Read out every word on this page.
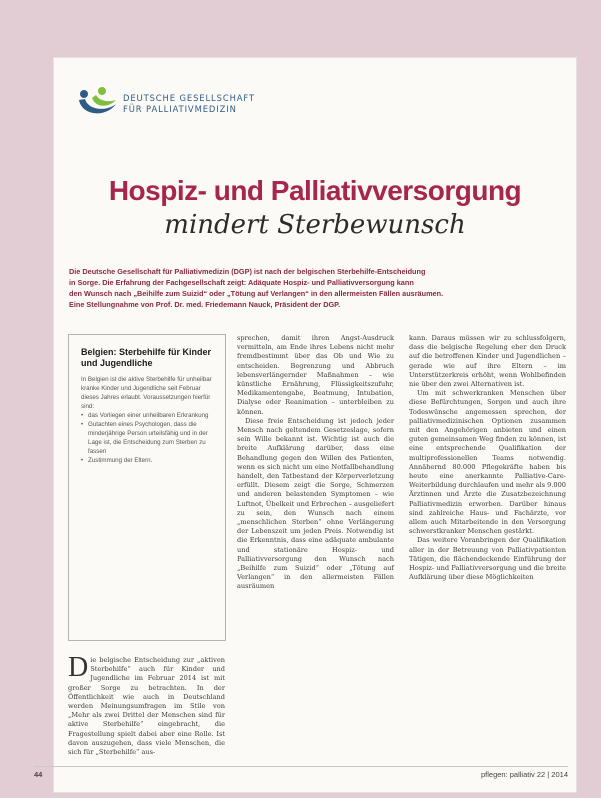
DEUTSCHE GESELLSCHAFT
FÜR PALLIATIVMEDIZIN
Hospiz- und Palliativversorgung
mindert Sterbewunsch

Die Deutsche Gesellschaft für Palliativmedizin (DGP) ist nach der belgischen Sterbehilfe-Entscheidung

in Sorge. Die Erfahrung der Fachgesellschaft zeigt: Adäquate Hospiz- und Palliativversorgung kann

den Wunsch nach „Beihilfe zum Suizid“ oder „Tötung auf Verlangen“ in den allermeisten Fällen ausräumen.

Eine Stellungnahme von Prof. Dr. med. Friedemann Nauck, Präsident der DGP.

Belgien: Sterbehilfe für Kinder und Jugendliche

In Belgien ist die aktive Sterbehilfe für unheilbar kranke Kinder und Jugendliche seit Februar dieses Jahres erlaubt. Voraussetzungen hierfür sind:

• das Vorliegen einer unheilbaren Erkrankung
• Gutachten eines Psychologen, dass die minderjährige Person urteilsfähig und in der Lage ist, die Entscheidung zum Sterben zu fassen
• Zustimmung der Eltern.
Die belgische Entscheidung zur „aktiven Sterbehilfe“ auch für Kinder und Jugendliche im Februar 2014 ist mit großer Sorge zu betrachten. In der Öffentlichkeit wie auch in Deutschland werden Meinungsumfragen im Stile von „Mehr als zwei Drittel der Menschen sind für aktive Sterbehilfe“ eingebracht, die Fragestellung spielt dabei aber eine Rolle. Ist davon auszugehen, dass viele Menschen, die sich für „Sterbehilfe“ aus-

sprechen, damit ihren Angst-Ausdruck vermitteln, am Ende ihres Lebens nicht mehr fremdbestimmt über das Ob und Wie zu entscheiden. Begrenzung und Abbruch lebensverlängernder Maßnahmen – wie künstliche Ernährung, Flüssigkeitszufuhr, Medikamentengabe, Beatmung, Intubation, Dialyse oder Reanimation – unterbleiben zu können.

Diese freie Entscheidung ist jedoch jeder Mensch nach geltendem Gesetzeslage, sofern sein Wille bekannt ist. Wichtig ist auch die breite Aufklärung darüber, dass eine Behandlung gegen den Willen des Patienten, wenn es sich nicht um eine Notfallbehandlung handelt, den Tatbestand der Körperverletzung erfüllt. Diesem zeigt die Sorge, Schmerzen und anderen belastenden Symptomen – wie Luftnot, Übelkeit und Erbrechen – ausgeliefert zu sein, den Wunsch nach einem „menschlichen Sterben“ ohne Verlängerung der Lebenszeit um jeden Preis. Notwendig ist die Erkenntnis, dass eine adäquate ambulante und stationäre Hospiz- und Palliativversorgung den Wunsch nach „Beihilfe zum Suizid“ oder „Tötung auf Verlangen“ in den allermeisten Fällen ausräumen

kann. Daraus müssen wir zu schlussfolgern, dass die belgische Regelung eher den Druck auf die betroffenen Kinder und Jugendlichen – gerade wie auf ihre Eltern – im Unterstützerkreis erhöht, wenn Wohlbefinden nie über den zwei Alternativen ist.

Um mit schwerkranken Menschen über diese Befürchtungen, Sorgen und auch ihre Todeswünsche angemessen sprechen, der palliativmedizinischen Optionen zusammen mit den Angehörigen anbieten und einen guten gemeinsamen Weg finden zu können, ist eine entsprechende Qualifikation der multiprofessionellen Teams notwendig. Annähernd 80.000 Pflegekräfte haben bis heute eine anerkannte Palliative-Care-Weiterbildung durchlaufen und mehr als 9.000 Ärztinnen und Ärzte die Zusatzbezeichnung Palliativmedizin erworben. Darüber hinaus sind zahlreiche Haus- und Fachärzte, vor allem auch Mitarbeitende in den Versorgung schwerstkranker Menschen gestärkt.

Das weitere Voranbringen der Qualifikation aller in der Betreuung von Palliativpatienten Tätigen, die flächendeckende Einführung der Hospiz- und Palliativversorgung und die breite Aufklärung über diese Möglichkeiten

44	pflegen: palliativ 22 | 2014
